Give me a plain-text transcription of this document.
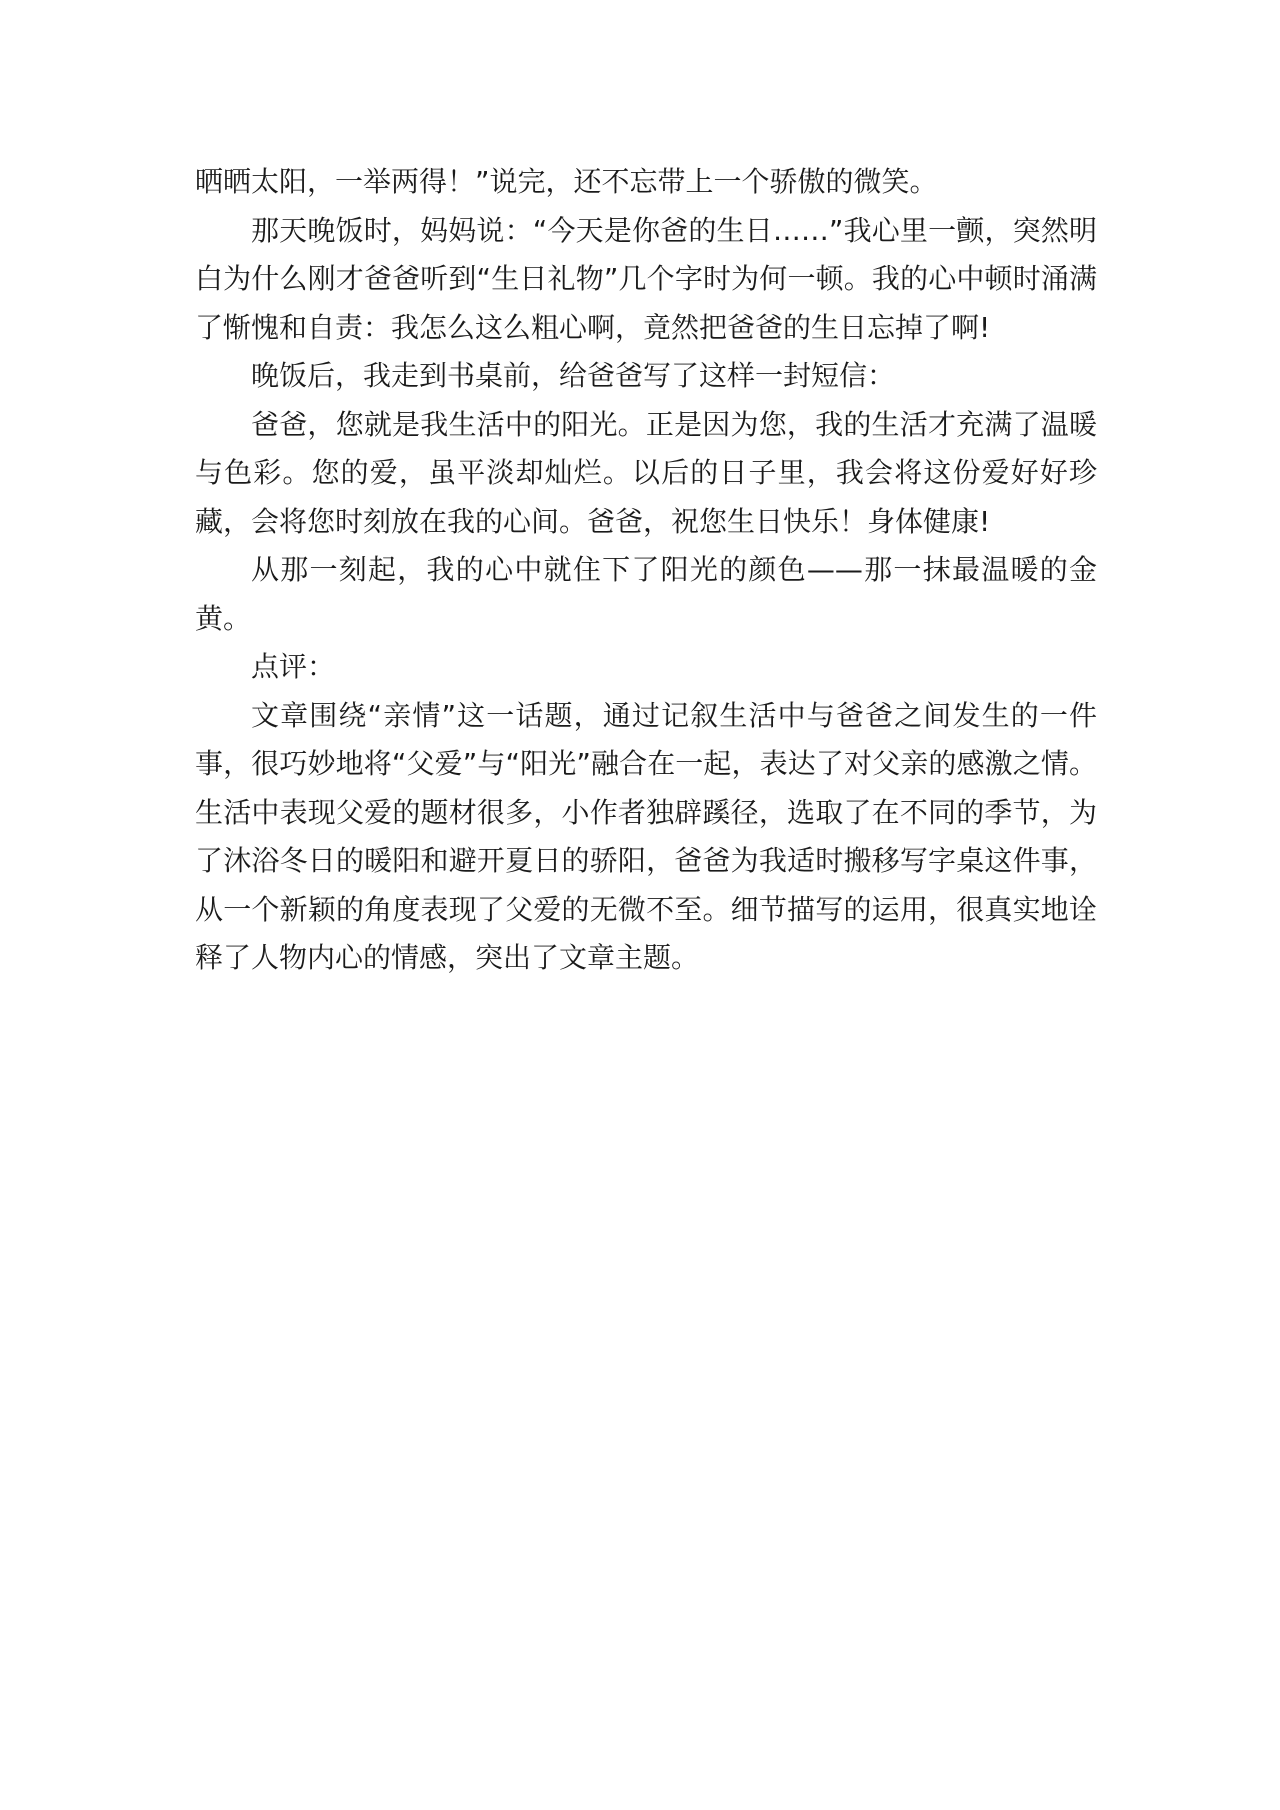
晒晒太阳，一举两得！”说完，还不忘带上一个骄傲的微笑。

那天晚饭时，妈妈说：“今天是你爸的生日……”我心里一颤，突然明白为什么刚才爸爸听到“生日礼物”几个字时为何一顿。我的心中顿时涌满了惭愧和自责：我怎么这么粗心啊，竟然把爸爸的生日忘掉了啊!

晚饭后，我走到书桌前，给爸爸写了这样一封短信：

爸爸，您就是我生活中的阳光。正是因为您，我的生活才充满了温暖与色彩。您的爱，虽平淡却灿烂。以后的日子里，我会将这份爱好好珍藏，会将您时刻放在我的心间。爸爸，祝您生日快乐！身体健康!

从那一刻起，我的心中就住下了阳光的颜色——那一抹最温暖的金黄。

点评：

文章围绕“亲情”这一话题，通过记叙生活中与爸爸之间发生的一件事，很巧妙地将“父爱”与“阳光”融合在一起，表达了对父亲的感激之情。生活中表现父爱的题材很多，小作者独辟蹊径，选取了在不同的季节，为了沐浴冬日的暖阳和避开夏日的骄阳，爸爸为我适时搬移写字桌这件事，从一个新颖的角度表现了父爱的无微不至。细节描写的运用，很真实地诠释了人物内心的情感，突出了文章主题。
